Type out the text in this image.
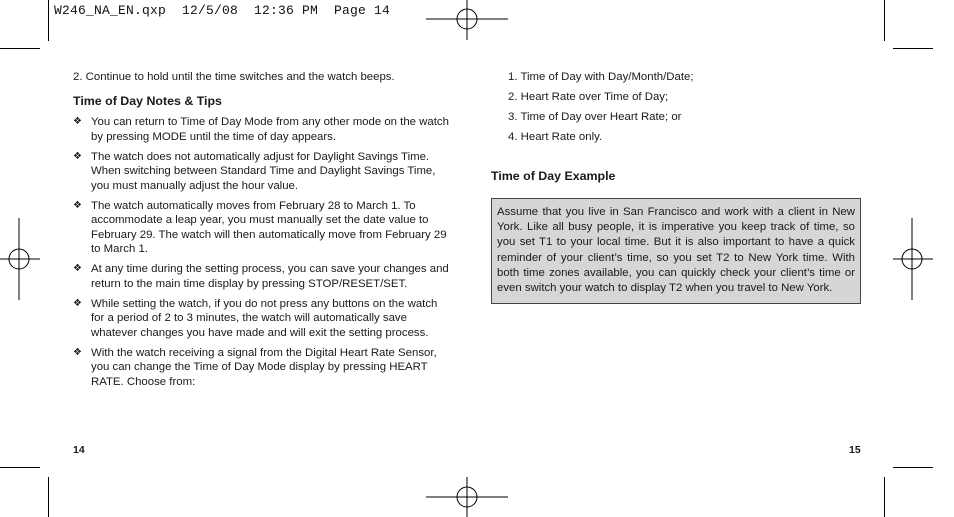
W246_NA_EN.qxp  12/5/08  12:36 PM  Page 14
2. Continue to hold until the time switches and the watch beeps.
Time of Day Notes & Tips
❖ You can return to Time of Day Mode from any other mode on the watch by pressing MODE until the time of day appears.
❖ The watch does not automatically adjust for Daylight Savings Time. When switching between Standard Time and Daylight Savings Time, you must manually adjust the hour value.
❖ The watch automatically moves from February 28 to March 1. To accommodate a leap year, you must manually set the date value to February 29. The watch will then automatically move from February 29 to March 1.
❖ At any time during the setting process, you can save your changes and return to the main time display by pressing STOP/RESET/SET.
❖ While setting the watch, if you do not press any buttons on the watch for a period of 2 to 3 minutes, the watch will automatically save whatever changes you have made and will exit the setting process.
❖ With the watch receiving a signal from the Digital Heart Rate Sensor, you can change the Time of Day Mode display by pressing HEART RATE. Choose from:
1. Time of Day with Day/Month/Date;
2. Heart Rate over Time of Day;
3. Time of Day over Heart Rate; or
4. Heart Rate only.
Time of Day Example
Assume that you live in San Francisco and work with a client in New York. Like all busy people, it is imperative you keep track of time, so you set T1 to your local time. But it is also important to have a quick reminder of your client’s time, so you set T2 to New York time. With both time zones available, you can quickly check your client’s time or even switch your watch to display T2 when you travel to New York.
14	15
